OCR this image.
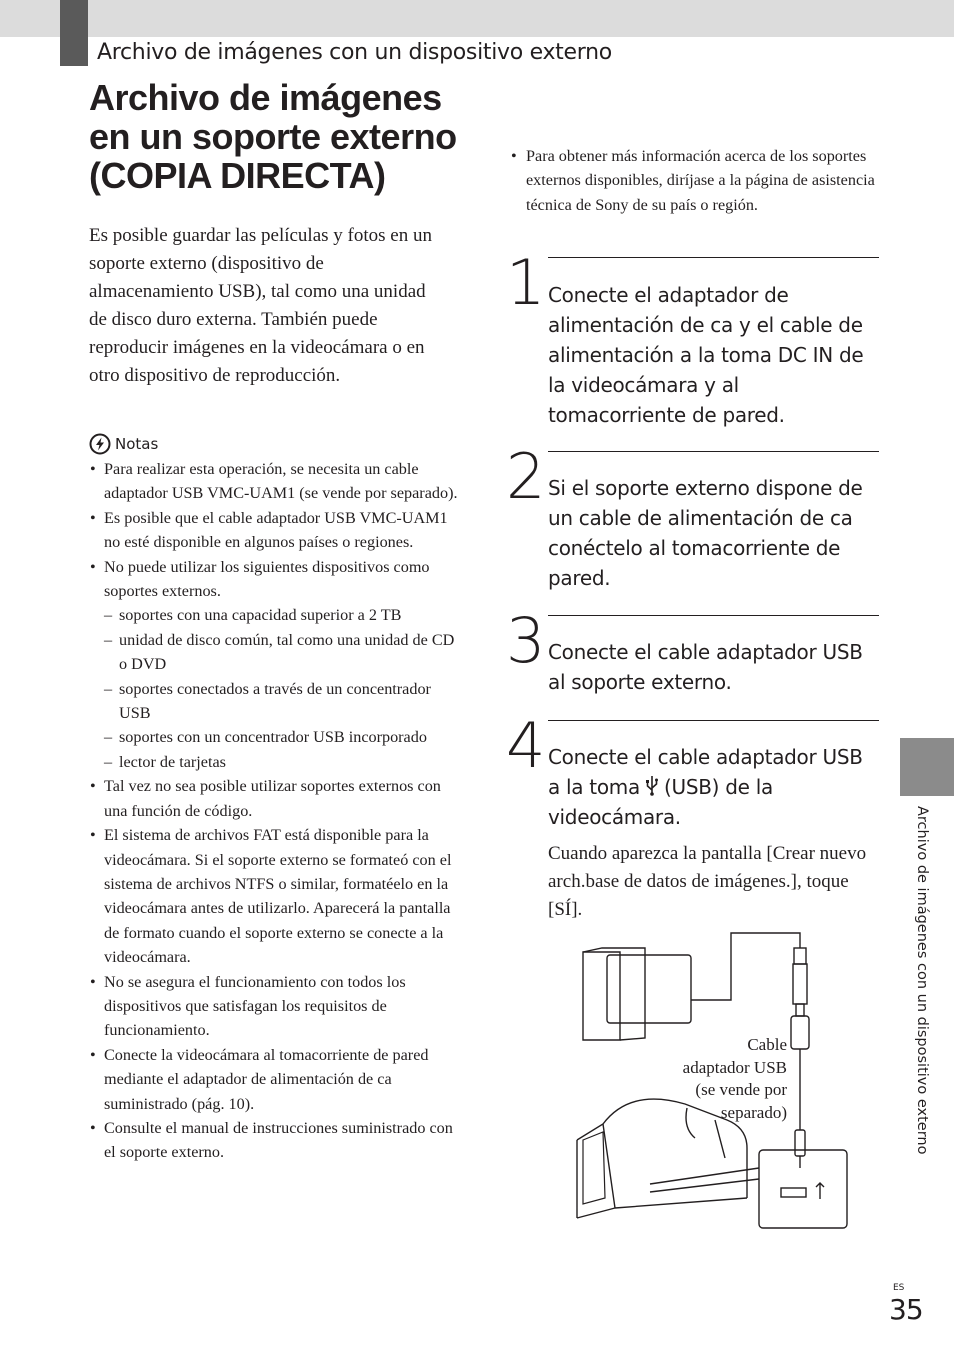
Archivo de imágenes con un dispositivo externo
Archivo de imágenes
en un soporte externo
(COPIA DIRECTA)

Es posible guardar las películas y fotos en un soporte externo (dispositivo de almacenamiento USB), tal como una unidad de disco duro externa. También puede reproducir imágenes en la videocámara o en otro dispositivo de reproducción.

Notas
• Para realizar esta operación, se necesita un cable adaptador USB VMC-UAM1 (se vende por separado).
• Es posible que el cable adaptador USB VMC-UAM1 no esté disponible en algunos países o regiones.
• No puede utilizar los siguientes dispositivos como soportes externos.
– soportes con una capacidad superior a 2 TB
– unidad de disco común, tal como una unidad de CD o DVD
– soportes conectados a través de un concentrador USB
– soportes con un concentrador USB incorporado
– lector de tarjetas
• Tal vez no sea posible utilizar soportes externos con una función de código.
• El sistema de archivos FAT está disponible para la videocámara. Si el soporte externo se formateó con el sistema de archivos NTFS o similar, formatéelo en la videocámara antes de utilizarlo. Aparecerá la pantalla de formato cuando el soporte externo se conecte a la videocámara.
• No se asegura el funcionamiento con todos los dispositivos que satisfagan los requisitos de funcionamiento.
• Conecte la videocámara al tomacorriente de pared mediante el adaptador de alimentación de ca suministrado (pág. 10).
• Consulte el manual de instrucciones suministrado con el soporte externo.

• Para obtener más información acerca de los soportes externos disponibles, diríjase a la página de asistencia técnica de Sony de su país o región.

1 Conecte el adaptador de alimentación de ca y el cable de alimentación a la toma DC IN de la videocámara y al tomacorriente de pared.

2 Si el soporte externo dispone de un cable de alimentación de ca conéctelo al tomacorriente de pared.

3 Conecte el cable adaptador USB al soporte externo.

4 Conecte el cable adaptador USB a la toma  (USB) de la videocámara.

Cuando aparezca la pantalla [Crear nuevo arch.base de datos de imágenes.], toque [SÍ].

Cable
adaptador USB
(se vende por
separado)	Archivo de imágenes con un dispositivo externo
ES
35
